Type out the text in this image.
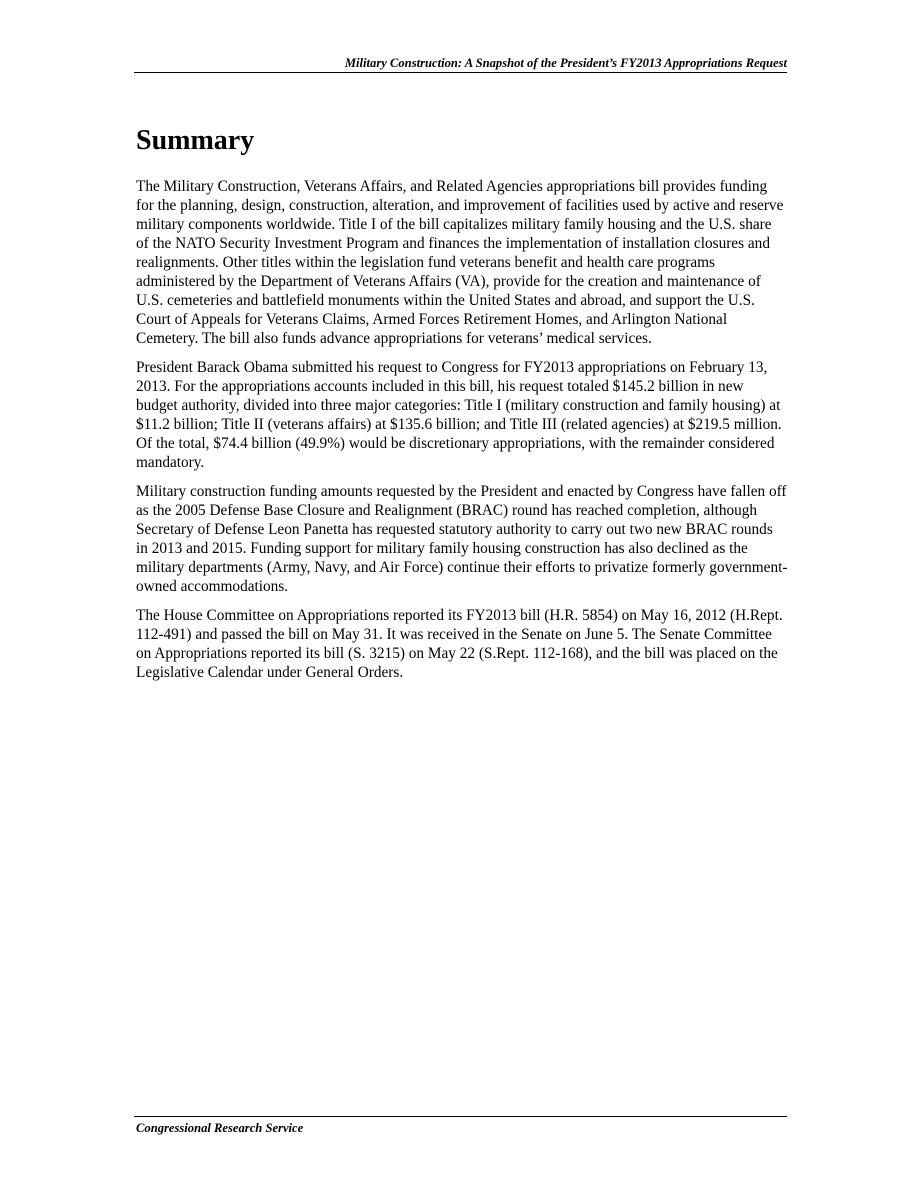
Military Construction: A Snapshot of the President’s FY2013 Appropriations Request
Summary

The Military Construction, Veterans Affairs, and Related Agencies appropriations bill provides funding for the planning, design, construction, alteration, and improvement of facilities used by active and reserve military components worldwide. Title I of the bill capitalizes military family housing and the U.S. share of the NATO Security Investment Program and finances the implementation of installation closures and realignments. Other titles within the legislation fund veterans benefit and health care programs administered by the Department of Veterans Affairs (VA), provide for the creation and maintenance of U.S. cemeteries and battlefield monuments within the United States and abroad, and support the U.S. Court of Appeals for Veterans Claims, Armed Forces Retirement Homes, and Arlington National Cemetery. The bill also funds advance appropriations for veterans’ medical services.

President Barack Obama submitted his request to Congress for FY2013 appropriations on February 13, 2013. For the appropriations accounts included in this bill, his request totaled $145.2 billion in new budget authority, divided into three major categories: Title I (military construction and family housing) at $11.2 billion; Title II (veterans affairs) at $135.6 billion; and Title III (related agencies) at $219.5 million. Of the total, $74.4 billion (49.9%) would be discretionary appropriations, with the remainder considered mandatory.

Military construction funding amounts requested by the President and enacted by Congress have fallen off as the 2005 Defense Base Closure and Realignment (BRAC) round has reached completion, although Secretary of Defense Leon Panetta has requested statutory authority to carry out two new BRAC rounds in 2013 and 2015. Funding support for military family housing construction has also declined as the military departments (Army, Navy, and Air Force) continue their efforts to privatize formerly government-owned accommodations.

The House Committee on Appropriations reported its FY2013 bill (H.R. 5854) on May 16, 2012 (H.Rept. 112-491) and passed the bill on May 31. It was received in the Senate on June 5. The Senate Committee on Appropriations reported its bill (S. 3215) on May 22 (S.Rept. 112-168), and the bill was placed on the Legislative Calendar under General Orders.

Congressional Research Service
